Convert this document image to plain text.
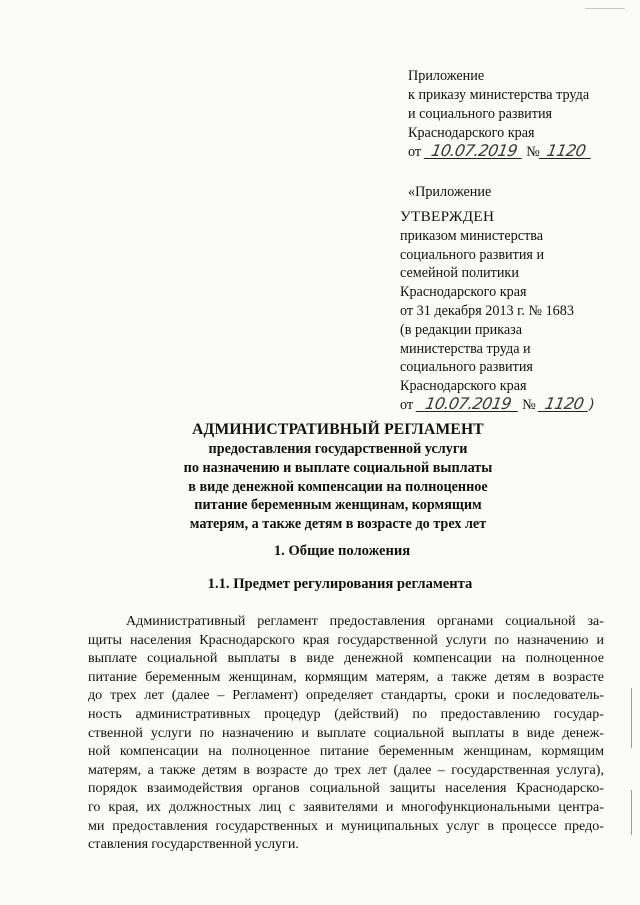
Приложение
к приказу министерства труда
и социального развития
Краснодарского края
от 10.07.2019 № 1120
«Приложение
УТВЕРЖДЕН
приказом министерства
социального развития и
семейной политики
Краснодарского края
от 31 декабря 2013 г. № 1683
(в редакции приказа
министерства труда и
социального развития
Краснодарского края
от 10.07.2019 № 1120 )
АДМИНИСТРАТИВНЫЙ РЕГЛАМЕНТ
предоставления государственной услуги
по назначению и выплате социальной выплаты
в виде денежной компенсации на полноценное
питание беременным женщинам, кормящим
матерям, а также детям в возрасте до трех лет
1. Общие положения
1.1. Предмет регулирования регламента
Административный регламент предоставления органами социальной за-
щиты населения Краснодарского края государственной услуги по назначению и
выплате социальной выплаты в виде денежной компенсации на полноценное
питание беременным женщинам, кормящим матерям, а также детям в возрасте
до трех лет (далее – Регламент) определяет стандарты, сроки и последователь-
ность административных процедур (действий) по предоставлению государ-
ственной услуги по назначению и выплате социальной выплаты в виде денеж-
ной компенсации на полноценное питание беременным женщинам, кормящим
матерям, а также детям в возрасте до трех лет (далее – государственная услуга),
порядок взаимодействия органов социальной защиты населения Краснодарско-
го края, их должностных лиц с заявителями и многофункциональными центра-
ми предоставления государственных и муниципальных услуг в процессе предо-
ставления государственной услуги.
